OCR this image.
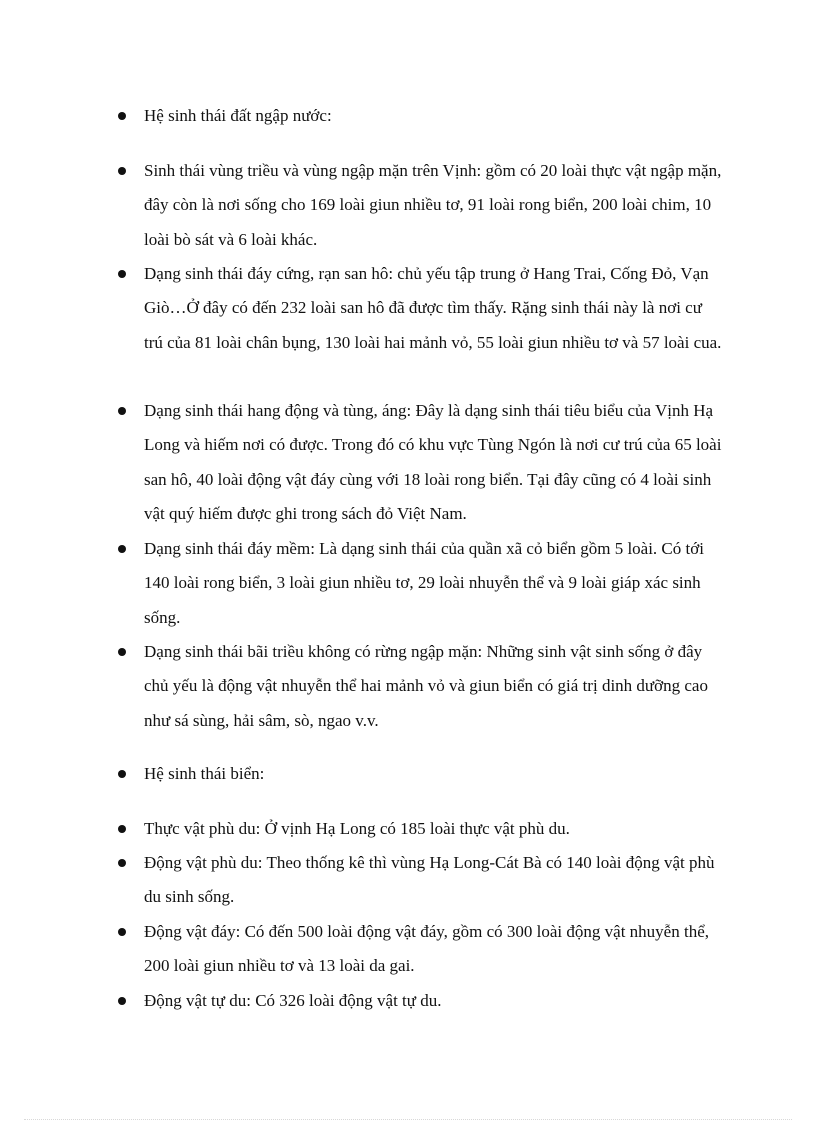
Hệ sinh thái đất ngập nước:

Sinh thái vùng triều và vùng ngập mặn trên Vịnh: gồm có 20 loài thực vật ngập mặn, đây còn là nơi sống cho 169 loài giun nhiều tơ, 91 loài rong biển, 200 loài chim, 10 loài bò sát và 6 loài khác.

Dạng sinh thái đáy cứng, rạn san hô: chủ yếu tập trung ở Hang Trai, Cống Đỏ, Vạn Giò…Ở đây có đến 232 loài san hô đã được tìm thấy. Rặng sinh thái này là nơi cư trú của 81 loài chân bụng, 130 loài hai mảnh vỏ, 55 loài giun nhiều tơ và 57 loài cua.

Dạng sinh thái hang động và tùng, áng: Đây là dạng sinh thái tiêu biểu của Vịnh Hạ Long và hiếm nơi có được. Trong đó có khu vực Tùng Ngón là nơi cư trú của 65 loài san hô, 40 loài động vật đáy cùng với 18 loài rong biển. Tại đây cũng có 4 loài sinh vật quý hiếm được ghi trong sách đỏ Việt Nam.

Dạng sinh thái đáy mềm: Là dạng sinh thái của quần xã cỏ biển gồm 5 loài. Có tới 140 loài rong biển, 3 loài giun nhiều tơ, 29 loài nhuyễn thể và 9 loài giáp xác sinh sống.

Dạng sinh thái bãi triều không có rừng ngập mặn: Những sinh vật sinh sống ở đây chủ yếu là động vật nhuyễn thể hai mảnh vỏ và giun biển có giá trị dinh dưỡng cao như sá sùng, hải sâm, sò, ngao v.v.

Hệ sinh thái biển:

Thực vật phù du: Ở vịnh Hạ Long có 185 loài thực vật phù du.

Động vật phù du: Theo thống kê thì vùng Hạ Long-Cát Bà có 140 loài động vật phù du sinh sống.

Động vật đáy: Có đến 500 loài động vật đáy, gồm có 300 loài động vật nhuyễn thể, 200 loài giun nhiều tơ và 13 loài da gai.

Động vật tự du: Có 326 loài động vật tự du.
